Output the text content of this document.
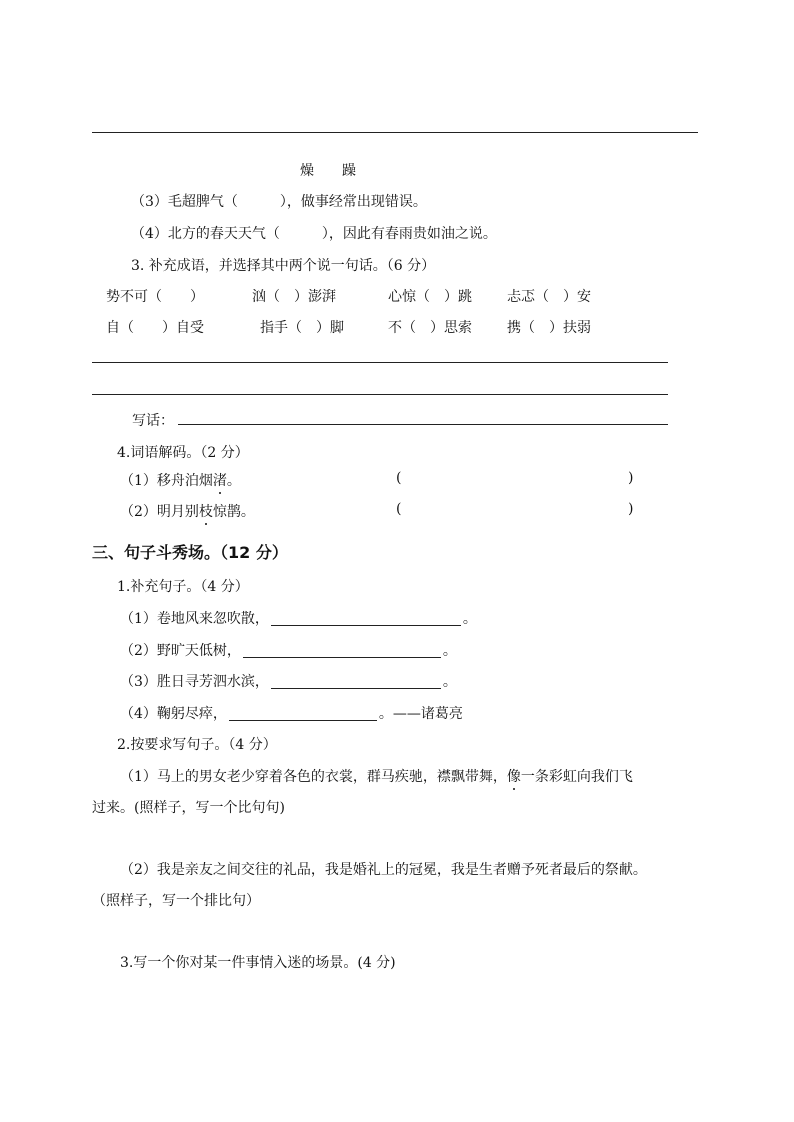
燥 躁
（3）毛超脾气（　　　），做事经常出现错误。
（4）北方的春天天气（　　　），因此有春雨贵如油之说。
3. 补充成语，并选择其中两个说一句话。（6 分）
势不可（　　）	汹（　）澎湃	心惊（　）跳	忐忑（　）安
自（　　）自受	指手（　）脚	不（　）思索	携（　）扶弱
写话：
4.词语解码。（2 分）
（1）移舟泊烟渚。	(	)
（2）明月别枝惊鹊。	(	)
三、句子斗秀场。（12 分）
1.补充句子。（4 分）
（1）卷地风来忽吹散，	。
（2）野旷天低树，	。
（3）胜日寻芳泗水滨，	。
（4）鞠躬尽瘁，	。——诸葛亮
2.按要求写句子。（4 分）
（1）马上的男女老少穿着各色的衣裳，群马疾驰，襟飘带舞，像一条彩虹向我们飞
过来。(照样子，写一个比句句)
（2）我是亲友之间交往的礼品，我是婚礼上的冠冕，我是生者赠予死者最后的祭献。
（照样子，写一个排比句）
3.写一个你对某一件事情入迷的场景。(4 分)
